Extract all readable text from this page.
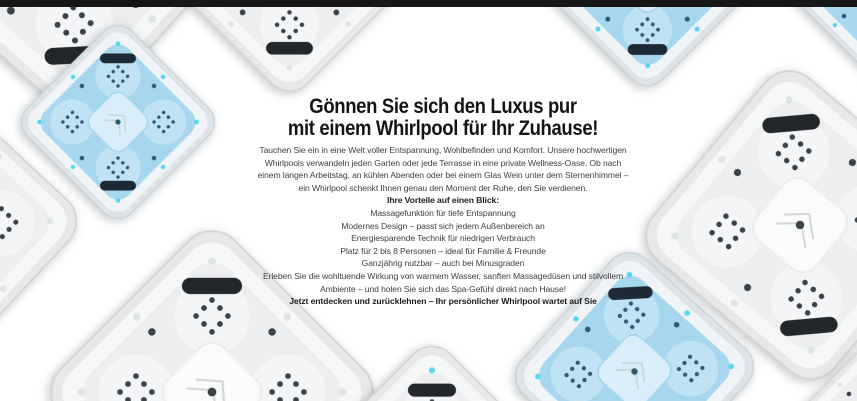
Gönnen Sie sich den Luxus pur
mit einem Whirlpool für Ihr Zuhause!

Tauchen Sie ein in eine Welt voller Entspannung, Wohlbefinden und Komfort. Unsere hochwertigen Whirlpools verwandeln jeden Garten oder jede Terrasse in eine private Wellness-Oase. Ob nach einem langen Arbeitstag, an kühlen Abenden oder bei einem Glas Wein unter dem Sternenhimmel – ein Whirlpool schenkt Ihnen genau den Moment der Ruhe, den Sie verdienen.

Ihre Vorteile auf einen Blick:

Massagefunktion für tiefe Entspannung
Modernes Design – passt sich jedem Außenbereich an
Energiesparende Technik für niedrigen Verbrauch
Platz für 2 bis 8 Personen – ideal für Familie & Freunde
Ganzjährig nutzbar – auch bei Minusgraden

Erleben Sie die wohltuende Wirkung von warmem Wasser, sanften Massagedüsen und stilvollem Ambiente – und holen Sie sich das Spa-Gefühl direkt nach Hause!

Jetzt entdecken und zurücklehnen – Ihr persönlicher Whirlpool wartet auf Sie
